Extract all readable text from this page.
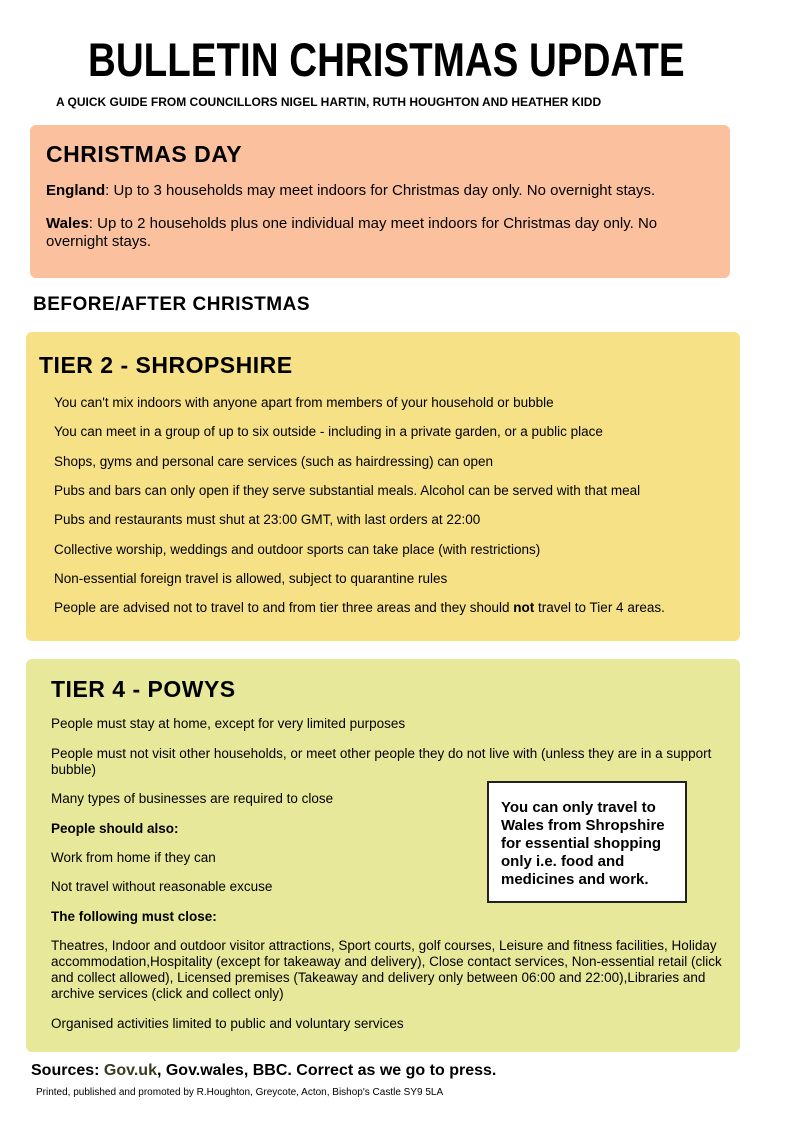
BULLETIN CHRISTMAS UPDATE
A QUICK GUIDE FROM COUNCILLORS NIGEL HARTIN, RUTH HOUGHTON AND HEATHER KIDD
CHRISTMAS DAY
England: Up to 3 households may meet indoors for Christmas day only. No overnight stays.
Wales: Up to 2 households plus one individual may meet indoors for Christmas day only. No overnight stays.
BEFORE/AFTER CHRISTMAS
TIER 2 - SHROPSHIRE
You can't mix indoors with anyone apart from members of your household or bubble
You can meet in a group of up to six outside - including in a private garden, or a public place
Shops, gyms and personal care services (such as hairdressing) can open
Pubs and bars can only open if they serve substantial meals. Alcohol can be served with that meal
Pubs and restaurants must shut at 23:00 GMT, with last orders at 22:00
Collective worship, weddings and outdoor sports can take place (with restrictions)
Non-essential foreign travel is allowed, subject to quarantine rules
People are advised not to travel to and from tier three areas and they should not travel to Tier 4 areas.
TIER 4 - POWYS
People must stay at home, except for very limited purposes
People must not visit other households, or meet other people they do not live with (unless they are in a support bubble)
Many types of businesses are required to close
People should also:
Work from home if they can
Not travel without reasonable excuse
The following must close:
Theatres, Indoor and outdoor visitor attractions, Sport courts, golf courses, Leisure and fitness facilities, Holiday accommodation,Hospitality (except for takeaway and delivery), Close contact services, Non-essential retail (click and collect allowed), Licensed premises (Takeaway and delivery only between 06:00 and 22:00),Libraries and archive services (click and collect only)
Organised activities limited to public and voluntary services
You can only travel to Wales from Shropshire for essential shopping only i.e. food and medicines and work.
Sources: Gov.uk, Gov.wales, BBC. Correct as we go to press.
Printed, published and promoted by R.Houghton, Greycote, Acton, Bishop's Castle SY9 5LA
